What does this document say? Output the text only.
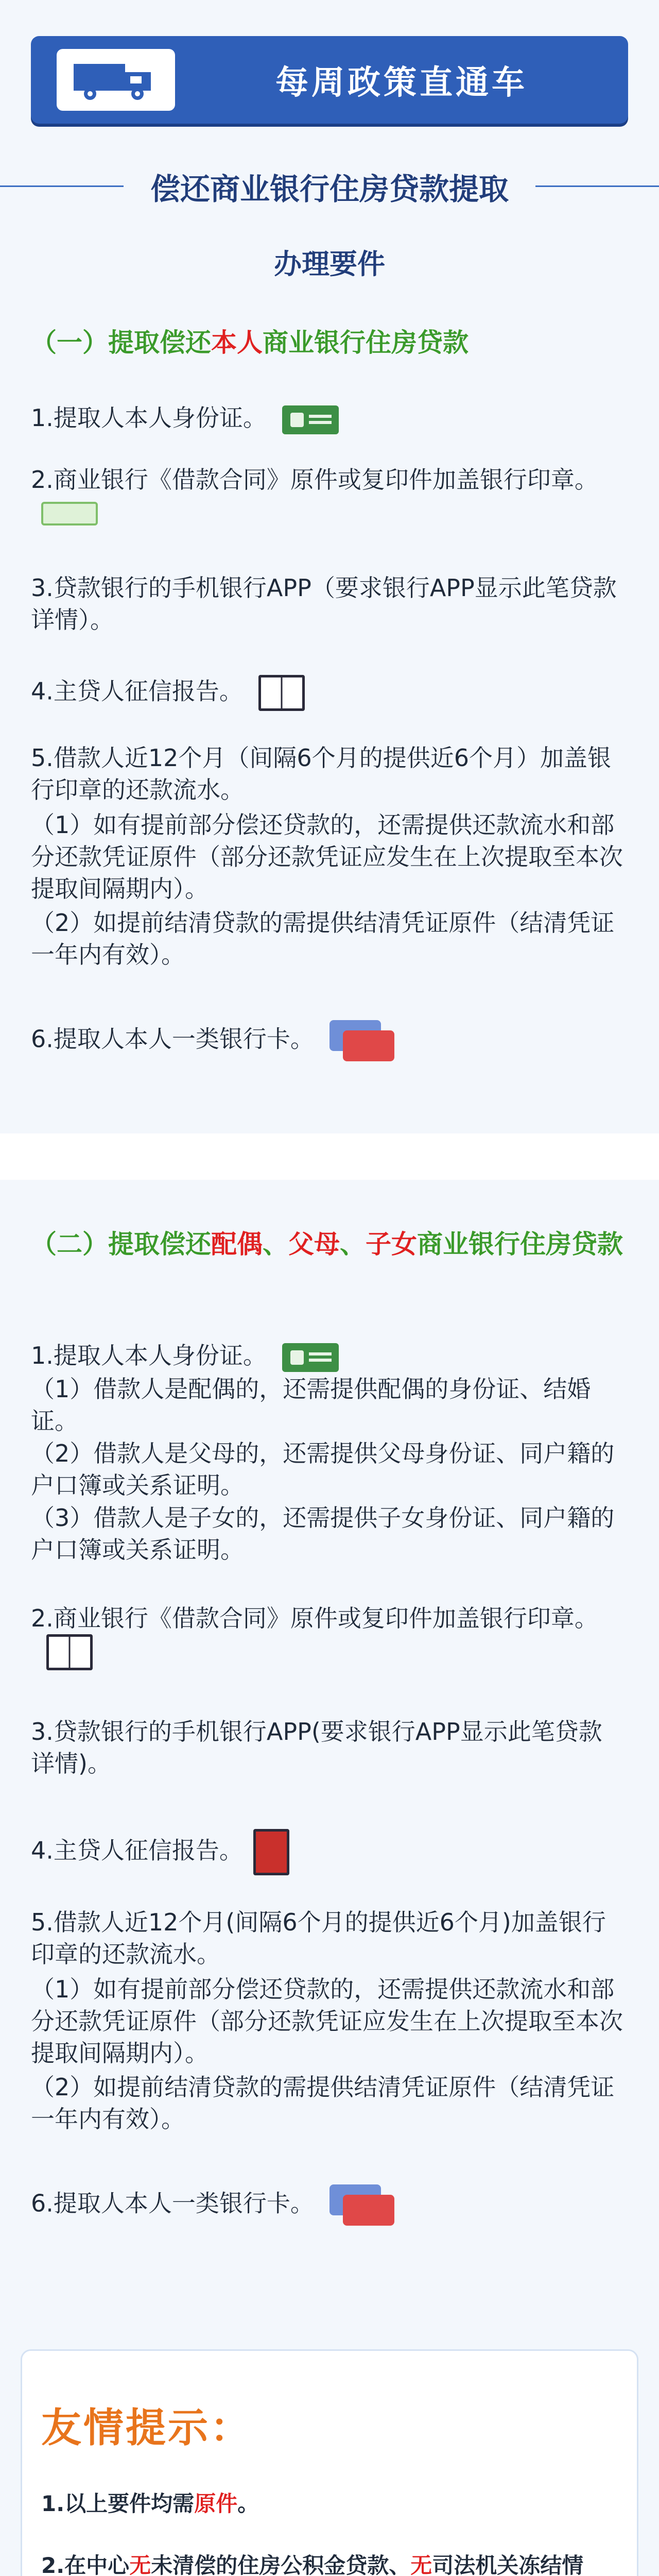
每周政策直通车
偿还商业银行住房贷款提取
办理要件
（一）提取偿还本人商业银行住房贷款
1.提取人本人身份证。
2.商业银行《借款合同》原件或复印件加盖银行印章。
3.贷款银行的手机银行APP（要求银行APP显示此笔贷款详情）。
4.主贷人征信报告。
5.借款人近12个月（间隔6个月的提供近6个月）加盖银行印章的还款流水。
（1）如有提前部分偿还贷款的，还需提供还款流水和部分还款凭证原件（部分还款凭证应发生在上次提取至本次提取间隔期内）。
（2）如提前结清贷款的需提供结清凭证原件（结清凭证一年内有效）。
6.提取人本人一类银行卡。
（二）提取偿还配偶、父母、子女商业银行住房贷款
1.提取人本人身份证。
（1）借款人是配偶的，还需提供配偶的身份证、结婚证。
（2）借款人是父母的，还需提供父母身份证、同户籍的户口簿或关系证明。
（3）借款人是子女的，还需提供子女身份证、同户籍的户口簿或关系证明。
2.商业银行《借款合同》原件或复印件加盖银行印章。
3.贷款银行的手机银行APP(要求银行APP显示此笔贷款详情)。
4.主贷人征信报告。
5.借款人近12个月(间隔6个月的提供近6个月)加盖银行印章的还款流水。
（1）如有提前部分偿还贷款的，还需提供还款流水和部分还款凭证原件（部分还款凭证应发生在上次提取至本次提取间隔期内）。
（2）如提前结清贷款的需提供结清凭证原件（结清凭证一年内有效）。
6.提取人本人一类银行卡。
友情提示：
1.以上要件均需原件。
2.在中心无未清偿的住房公积金贷款、无司法机关冻结情
